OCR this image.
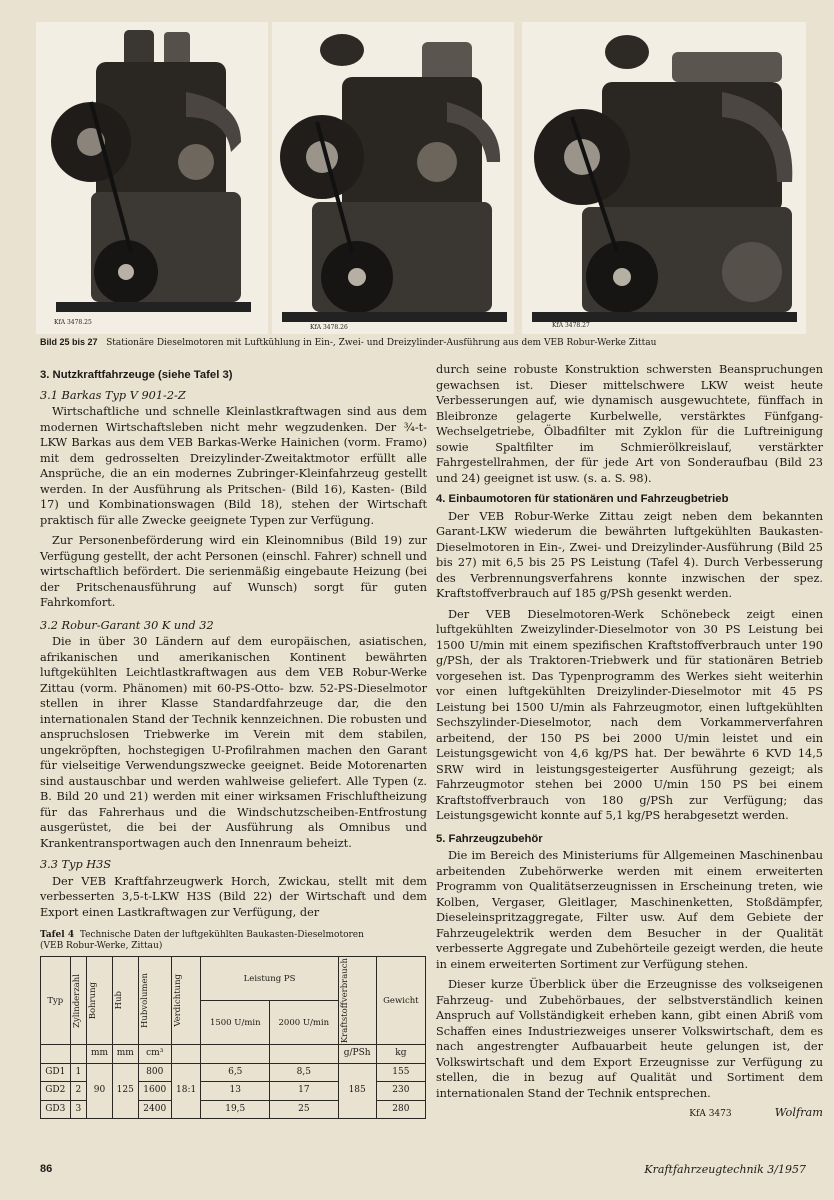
KfA 3478.25
KfA 3478.26	KfA 3478.27
Bild 25 bis 27 Stationäre Dieselmotoren mit Luftkühlung in Ein-, Zwei- und Dreizylinder-Ausführung aus dem VEB Robur-Werke Zittau
3. Nutzkraftfahrzeuge (siehe Tafel 3)
3.1 Barkas Typ V 901-2-Z

Wirtschaftliche und schnelle Kleinlastkraftwagen sind aus dem modernen Wirtschaftsleben nicht mehr wegzudenken. Der ¾-t-LKW Barkas aus dem VEB Barkas-Werke Hainichen (vorm. Framo) mit dem gedrosselten Dreizylinder-Zweitaktmotor erfüllt alle Ansprüche, die an ein modernes Zubringer-Kleinfahrzeug gestellt werden. In der Ausführung als Pritschen- (Bild 16), Kasten- (Bild 17) und Kombinationswagen (Bild 18), stehen der Wirtschaft praktisch für alle Zwecke geeignete Typen zur Verfügung.

Zur Personenbeförderung wird ein Kleinomnibus (Bild 19) zur Verfügung gestellt, der acht Personen (einschl. Fahrer) schnell und wirtschaftlich befördert. Die serienmäßig eingebaute Heizung (bei der Pritschenausführung auf Wunsch) sorgt für guten Fahrkomfort.

3.2 Robur-Garant 30 K und 32

Die in über 30 Ländern auf dem europäischen, asiatischen, afrikanischen und amerikanischen Kontinent bewährten luftgekühlten Leichtlastkraftwagen aus dem VEB Robur-Werke Zittau (vorm. Phänomen) mit 60-PS-Otto- bzw. 52-PS-Dieselmotor stellen in ihrer Klasse Standardfahrzeuge dar, die den internationalen Stand der Technik kennzeichnen. Die robusten und anspruchslosen Triebwerke im Verein mit dem stabilen, ungekröpften, hochstegigen U-Profilrahmen machen den Garant für vielseitige Verwendungszwecke geeignet. Beide Motorenarten sind austauschbar und werden wahlweise geliefert. Alle Typen (z. B. Bild 20 und 21) werden mit einer wirksamen Frischluftheizung für das Fahrerhaus und die Windschutzscheiben-Entfrostung ausgerüstet, die bei der Ausführung als Omnibus und Krankentransportwagen auch den Innenraum beheizt.

3.3 Typ H3S

Der VEB Kraftfahrzeugwerk Horch, Zwickau, stellt mit dem verbesserten 3,5-t-LKW H3S (Bild 22) der Wirtschaft und dem Export einen Lastkraftwagen zur Verfügung, der

Tafel 4 Technische Daten der luftgekühlten Baukasten-Dieselmotoren
(VEB Robur-Werke, Zittau)
Typ	Zylinderzahl	Bohrung	Hub	Hubvolumen	Verdichtung	Leistung PS		Kraftstoffverbrauch	Gewicht
						1500 U/min	2000 U/min		
		mm	mm	cm³				g/PSh	kg
GD1	1	90	125	800	18:1	6,5	8,5	185	155
GD2	2			1600		13	17		230
GD3	3			2400		19,5	25		280

durch seine robuste Konstruktion schwersten Beanspruchungen gewachsen ist. Dieser mittelschwere LKW weist heute Verbesserungen auf, wie dynamisch ausgewuchtete, fünffach in Bleibronze gelagerte Kurbelwelle, verstärktes Fünfgang-Wechselgetriebe, Ölbadfilter mit Zyklon für die Luftreinigung sowie Spaltfilter im Schmierölkreislauf, verstärkter Fahrgestellrahmen, der für jede Art von Sonderaufbau (Bild 23 und 24) geeignet ist usw. (s. a. S. 98).

4. Einbaumotoren für stationären und Fahrzeugbetrieb

Der VEB Robur-Werke Zittau zeigt neben dem bekannten Garant-LKW wiederum die bewährten luftgekühlten Baukasten-Dieselmotoren in Ein-, Zwei- und Dreizylinder-Ausführung (Bild 25 bis 27) mit 6,5 bis 25 PS Leistung (Tafel 4). Durch Verbesserung des Verbrennungsverfahrens konnte inzwischen der spez. Kraftstoffverbrauch auf 185 g/PSh gesenkt werden.

Der VEB Dieselmotoren-Werk Schönebeck zeigt einen luftgekühlten Zweizylinder-Dieselmotor von 30 PS Leistung bei 1500 U/min mit einem spezifischen Kraftstoffverbrauch unter 190 g/PSh, der als Traktoren-Triebwerk und für stationären Betrieb vorgesehen ist. Das Typenprogramm des Werkes sieht weiterhin vor einen luftgekühlten Dreizylinder-Dieselmotor mit 45 PS Leistung bei 1500 U/min als Fahrzeugmotor, einen luftgekühlten Sechszylinder-Dieselmotor, nach dem Vorkammerverfahren arbeitend, der 150 PS bei 2000 U/min leistet und ein Leistungsgewicht von 4,6 kg/PS hat. Der bewährte 6 KVD 14,5 SRW wird in leistungsgesteigerter Ausführung gezeigt; als Fahrzeugmotor stehen bei 2000 U/min 150 PS bei einem Kraftstoffverbrauch von 180 g/PSh zur Verfügung; das Leistungsgewicht konnte auf 5,1 kg/PS herabgesetzt werden.

5. Fahrzeugzubehör

Die im Bereich des Ministeriums für Allgemeinen Maschinenbau arbeitenden Zubehörwerke werden mit einem erweiterten Programm von Qualitätserzeugnissen in Erscheinung treten, wie Kolben, Vergaser, Gleitlager, Maschinenketten, Stoßdämpfer, Dieseleinspritzaggregate, Filter usw. Auf dem Gebiete der Fahrzeugelektrik werden dem Besucher in der Qualität verbesserte Aggregate und Zubehörteile gezeigt werden, die heute in einem erweiterten Sortiment zur Verfügung stehen.

Dieser kurze Überblick über die Erzeugnisse des volkseigenen Fahrzeug- und Zubehörbaues, der selbstverständlich keinen Anspruch auf Vollständigkeit erheben kann, gibt einen Abriß vom Schaffen eines Industriezweiges unserer Volkswirtschaft, dem es nach angestrengter Aufbauarbeit heute gelungen ist, der Volkswirtschaft und dem Export Erzeugnisse zur Verfügung zu stellen, die in bezug auf Qualität und Sortiment dem internationalen Stand der Technik entsprechen.

KfA 3473	Wolfram
86	Kraftfahrzeugtechnik 3/1957
